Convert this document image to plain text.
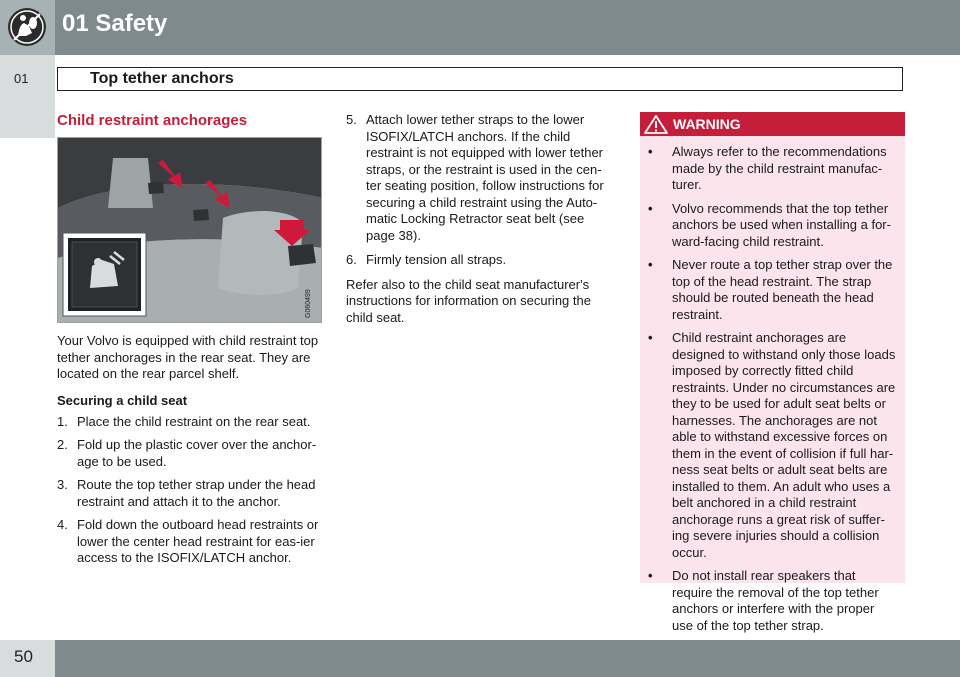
01 Safety
01	Top tether anchors
Child restraint anchorages
G060499

Your Volvo is equipped with child restraint top tether anchorages in the rear seat. They are located on the rear parcel shelf.

Securing a child seat
1. Place the child restraint on the rear seat.
2. Fold up the plastic cover over the anchor-age to be used.
3. Route the top tether strap under the head restraint and attach it to the anchor.
4. Fold down the outboard head restraints or lower the center head restraint for eas-ier access to the ISOFIX/LATCH anchor.
5. Attach lower tether straps to the lower ISOFIX/LATCH anchors. If the child restraint is not equipped with lower tether straps, or the restraint is used in the cen-ter seating position, follow instructions for securing a child restraint using the Auto-matic Locking Retractor seat belt (see page 38).
6. Firmly tension all straps.

Refer also to the child seat manufacturer's instructions for information on securing the child seat.

WARNING
• Always refer to the recommendations made by the child restraint manufac-turer.
• Volvo recommends that the top tether anchors be used when installing a for-ward-facing child restraint.
• Never route a top tether strap over the top of the head restraint. The strap should be routed beneath the head restraint.
• Child restraint anchorages are designed to withstand only those loads imposed by correctly fitted child restraints. Under no circumstances are they to be used for adult seat belts or harnesses. The anchorages are not able to withstand excessive forces on them in the event of collision if full har-ness seat belts or adult seat belts are installed to them. An adult who uses a belt anchored in a child restraint anchorage runs a great risk of suffer-ing severe injuries should a collision occur.
• Do not install rear speakers that require the removal of the top tether anchors or interfere with the proper use of the top tether strap.
50
